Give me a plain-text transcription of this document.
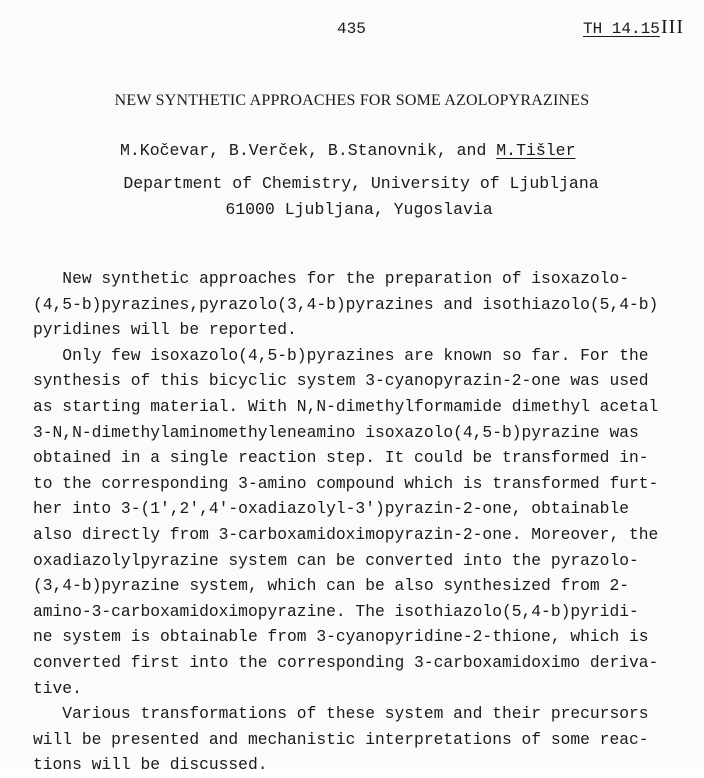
435	TH 14.15 III
NEW SYNTHETIC APPROACHES FOR SOME AZOLOPYRAZINES
M.Kočevar, B.Verček, B.Stanovnik, and M.Tišler
Department of Chemistry, University of Ljubljana
61000 Ljubljana, Yugoslavia

New synthetic approaches for the preparation of isoxazolo-

(4,5-b)pyrazines,pyrazolo(3,4-b)pyrazines and isothiazolo(5,4-b)

pyridines will be reported.

Only few isoxazolo(4,5-b)pyrazines are known so far. For the

synthesis of this bicyclic system 3-cyanopyrazin-2-one was used

as starting material. With N,N-dimethylformamide dimethyl acetal

3-N,N-dimethylaminomethyleneamino isoxazolo(4,5-b)pyrazine was

obtained in a single reaction step. It could be transformed in-

to the corresponding 3-amino compound which is transformed furt-

her into 3-(1′,2′,4′-oxadiazolyl-3′)pyrazin-2-one, obtainable

also directly from 3-carboxamidoximopyrazin-2-one. Moreover, the

oxadiazolylpyrazine system can be converted into the pyrazolo-

(3,4-b)pyrazine system, which can be also synthesized from 2-

amino-3-carboxamidoximopyrazine. The isothiazolo(5,4-b)pyridi-

ne system is obtainable from 3-cyanopyridine-2-thione, which is

converted first into the corresponding 3-carboxamidoximo deriva-

tive.

Various transformations of these system and their precursors

will be presented and mechanistic interpretations of some reac-

tions will be discussed.
